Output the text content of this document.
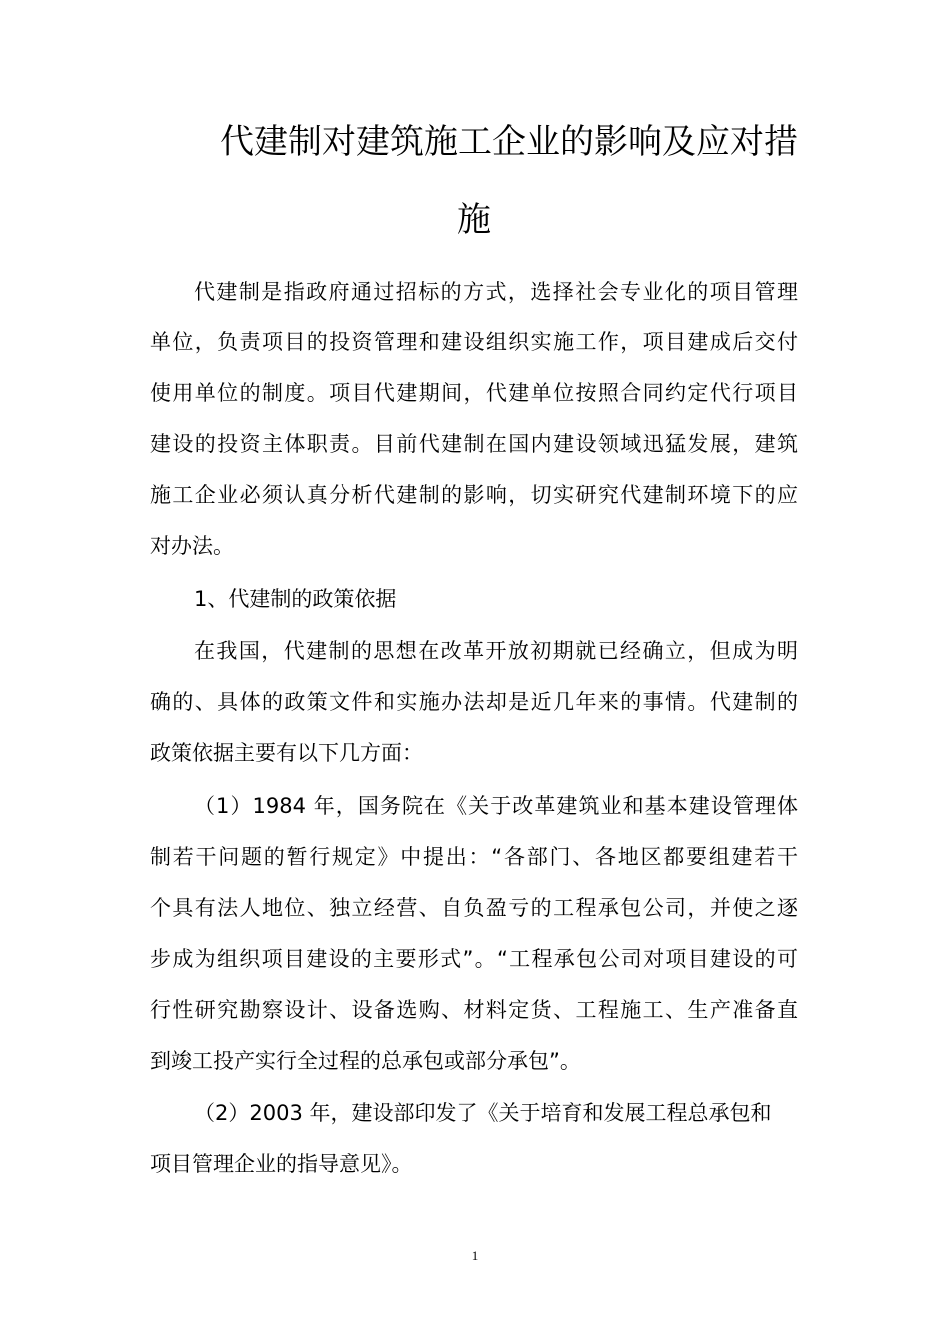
代建制对建筑施工企业的影响及应对措
施

代建制是指政府通过招标的方式，选择社会专业化的项目管理

单位，负责项目的投资管理和建设组织实施工作，项目建成后交付

使用单位的制度。项目代建期间，代建单位按照合同约定代行项目

建设的投资主体职责。目前代建制在国内建设领域迅猛发展，建筑

施工企业必须认真分析代建制的影响，切实研究代建制环境下的应

对办法。

1、代建制的政策依据

在我国，代建制的思想在改革开放初期就已经确立，但成为明

确的、具体的政策文件和实施办法却是近几年来的事情。代建制的

政策依据主要有以下几方面：

（1）1984 年，国务院在《关于改革建筑业和基本建设管理体

制若干问题的暂行规定》中提出：“各部门、各地区都要组建若干

个具有法人地位、独立经营、自负盈亏的工程承包公司，并使之逐

步成为组织项目建设的主要形式”。“工程承包公司对项目建设的可

行性研究勘察设计、设备选购、材料定货、工程施工、生产准备直

到竣工投产实行全过程的总承包或部分承包”。

（2）2003 年，建设部印发了《关于培育和发展工程总承包和

项目管理企业的指导意见》。

1
